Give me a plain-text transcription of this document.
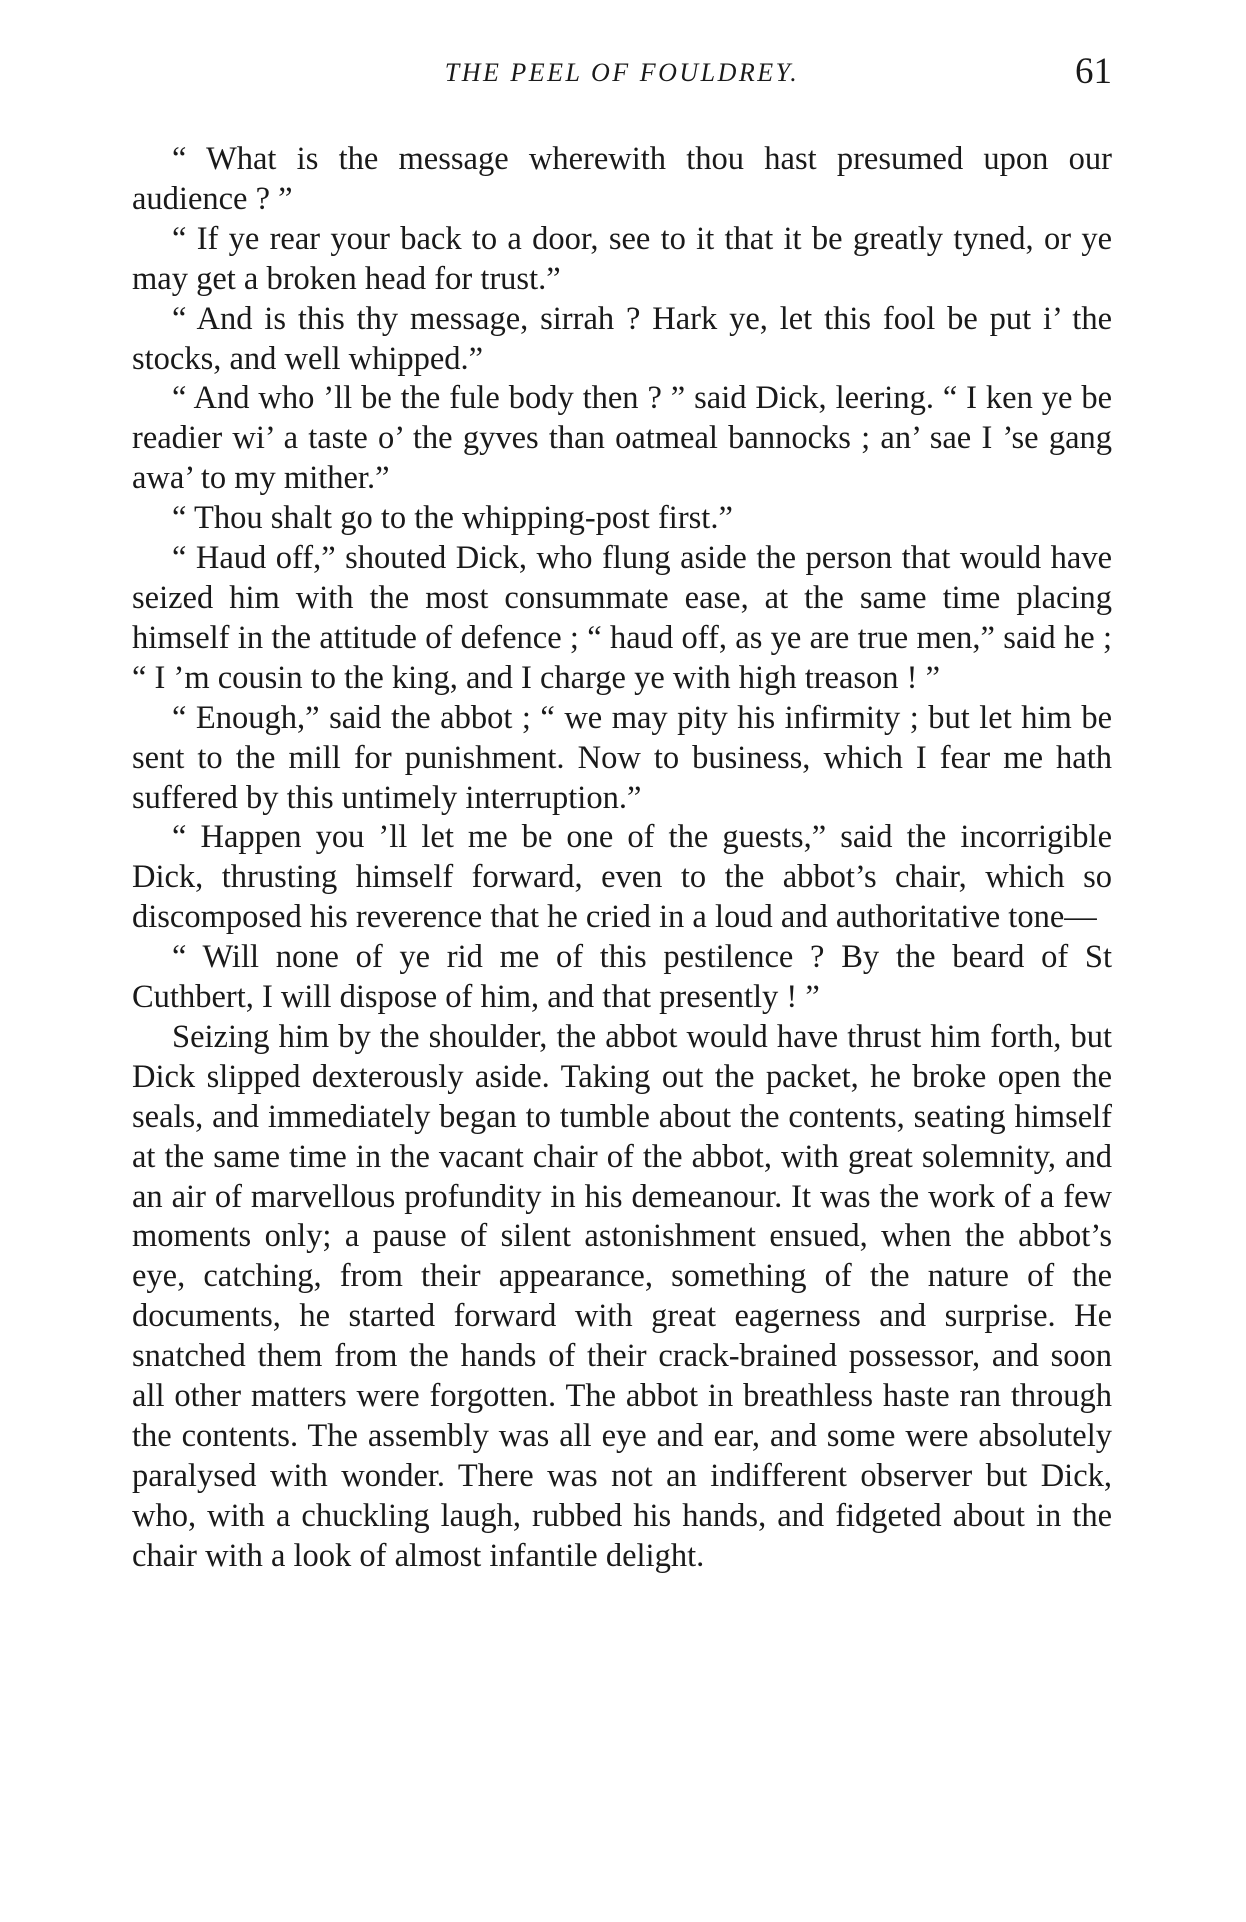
THE PEEL OF FOULDREY.	61

“ What is the message wherewith thou hast presumed upon our audience ? ”

“ If ye rear your back to a door, see to it that it be greatly tyned, or ye may get a broken head for trust.”

“ And is this thy message, sirrah ? Hark ye, let this fool be put i’ the stocks, and well whipped.”

“ And who ’ll be the fule body then ? ” said Dick, leering. “ I ken ye be readier wi’ a taste o’ the gyves than oatmeal bannocks ; an’ sae I ’se gang awa’ to my mither.”

“ Thou shalt go to the whipping-post first.”

“ Haud off,” shouted Dick, who flung aside the person that would have seized him with the most consummate ease, at the same time placing himself in the attitude of defence ; “ haud off, as ye are true men,” said he ; “ I ’m cousin to the king, and I charge ye with high treason ! ”

“ Enough,” said the abbot ; “ we may pity his infirmity ; but let him be sent to the mill for punishment. Now to business, which I fear me hath suffered by this untimely interruption.”

“ Happen you ’ll let me be one of the guests,” said the incorrigible Dick, thrusting himself forward, even to the abbot’s chair, which so discomposed his reverence that he cried in a loud and authoritative tone—

“ Will none of ye rid me of this pestilence ? By the beard of St Cuthbert, I will dispose of him, and that presently ! ”

Seizing him by the shoulder, the abbot would have thrust him forth, but Dick slipped dexterously aside. Taking out the packet, he broke open the seals, and immediately began to tumble about the contents, seating himself at the same time in the vacant chair of the abbot, with great solemnity, and an air of marvellous profundity in his demeanour. It was the work of a few moments only; a pause of silent astonishment ensued, when the abbot’s eye, catching, from their appearance, something of the nature of the documents, he started forward with great eagerness and surprise. He snatched them from the hands of their crack-brained possessor, and soon all other matters were forgotten. The abbot in breathless haste ran through the contents. The assembly was all eye and ear, and some were absolutely paralysed with wonder. There was not an indifferent observer but Dick, who, with a chuckling laugh, rubbed his hands, and fidgeted about in the chair with a look of almost infantile delight.
